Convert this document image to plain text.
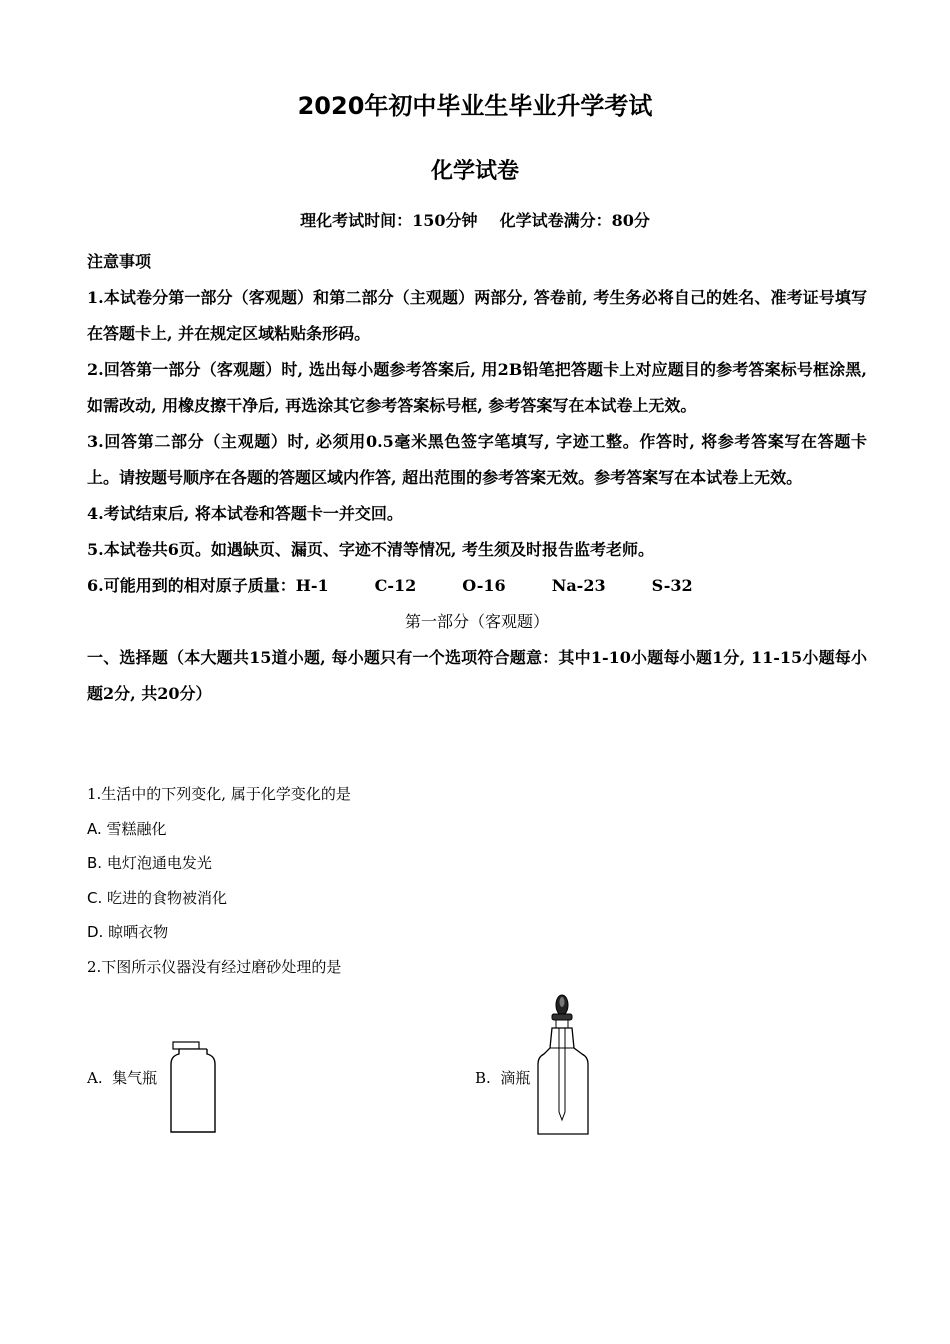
2020年初中毕业生毕业升学考试
化学试卷
理化考试时间：150分钟 化学试卷满分：80分
注意事项
1.本试卷分第一部分（客观题）和第二部分（主观题）两部分, 答卷前, 考生务必将自己的姓名、准考证号填写在答题卡上, 并在规定区域粘贴条形码。
2.回答第一部分（客观题）时, 选出每小题参考答案后, 用2B铅笔把答题卡上对应题目的参考答案标号框涂黑, 如需改动, 用橡皮擦干净后, 再选涂其它参考答案标号框, 参考答案写在本试卷上无效。
3.回答第二部分（主观题）时, 必须用0.5毫米黑色签字笔填写, 字迹工整。作答时, 将参考答案写在答题卡上。请按题号顺序在各题的答题区域内作答, 超出范围的参考答案无效。参考答案写在本试卷上无效。
4.考试结束后, 将本试卷和答题卡一并交回。
5.本试卷共6页。如遇缺页、漏页、字迹不清等情况, 考生须及时报告监考老师。
6.可能用到的相对原子质量：H-1	C-12	O-16	Na-23	S-32
第一部分（客观题）
一、选择题（本大题共15道小题, 每小题只有一个选项符合题意：其中1-10小题每小题1分, 11-15小题每小题2分, 共20分）
1.生活中的下列变化, 属于化学变化的是
A. 雪糕融化
B. 电灯泡通电发光
C. 吃进的食物被消化
D. 晾晒衣物
2.下图所示仪器没有经过磨砂处理的是
A. 集气瓶	B. 滴瓶
